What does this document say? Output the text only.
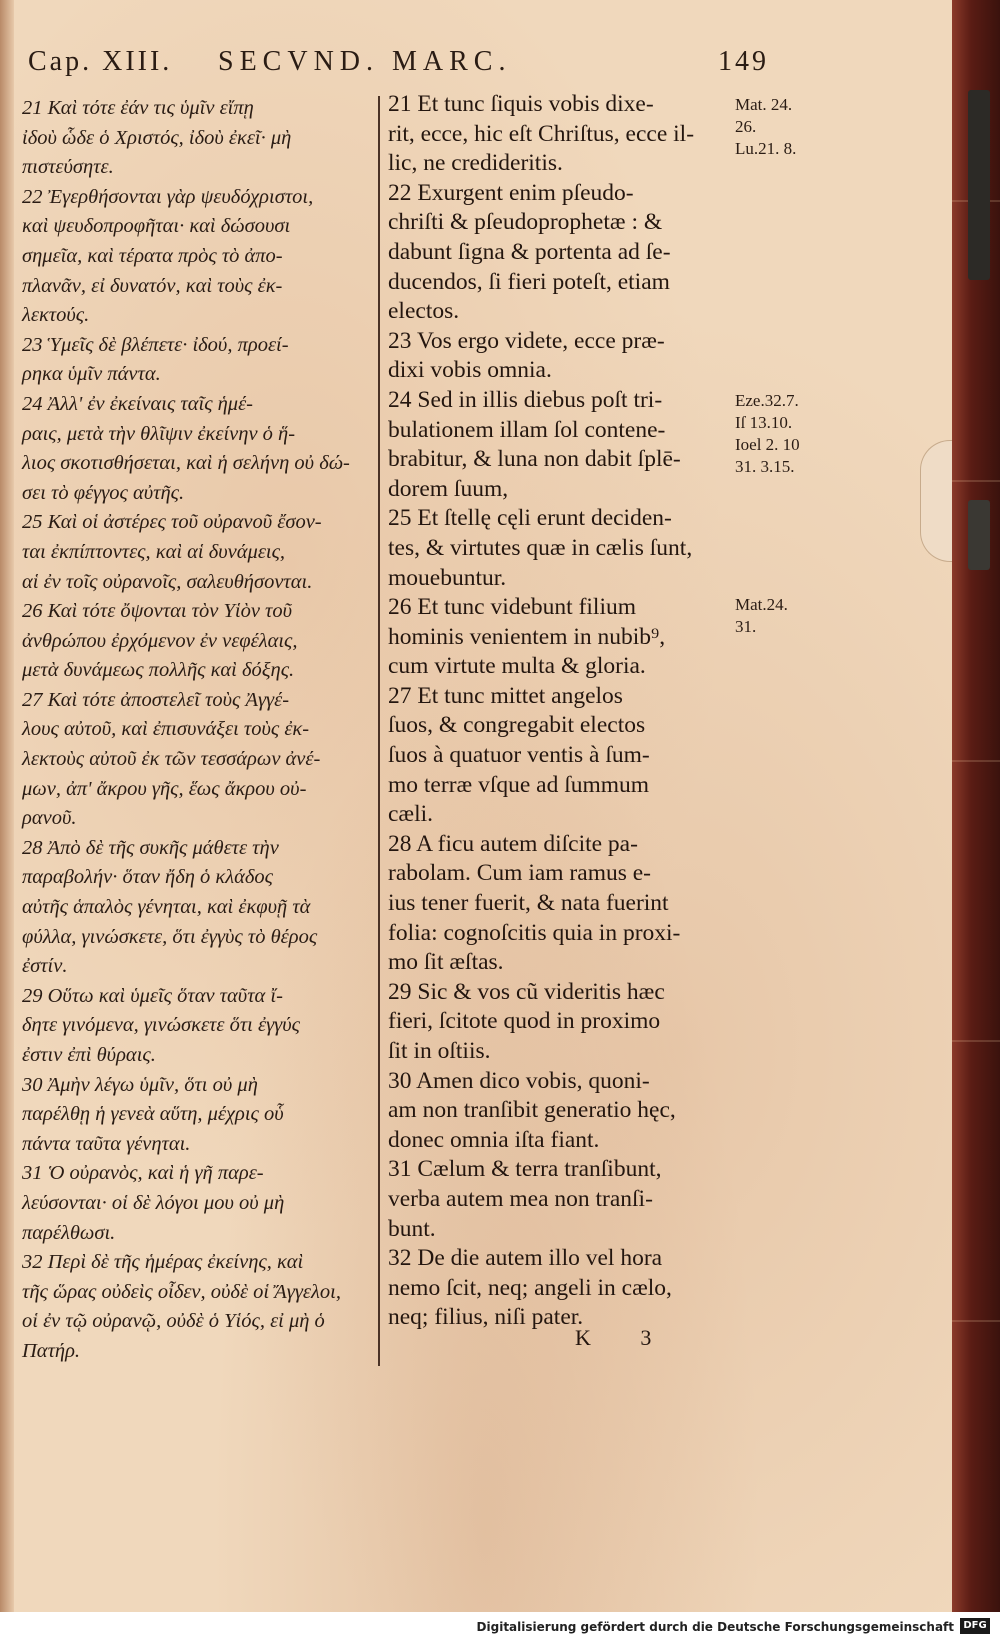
Cap. XIII. SECVND. MARC.	149

21 Καὶ τότε ἐάν τις ὑμῖν εἴπῃ
ἰδοὺ ὧδε ὁ Χριστός, ἰδοὺ ἐκεῖ· μὴ
πιστεύσητε.

22 Ἐγερθήσονται γὰρ ψευδόχριστοι,
καὶ ψευδοπροφῆται· καὶ δώσουσι
σημεῖα, καὶ τέρατα πρὸς τὸ ἀπο-
πλανᾶν, εἰ δυνατόν, καὶ τοὺς ἐκ-
λεκτούς.

23 Ὑμεῖς δὲ βλέπετε· ἰδού, προεί-
ρηκα ὑμῖν πάντα.

24 Ἀλλ' ἐν ἐκείναις ταῖς ἡμέ-
ραις, μετὰ τὴν θλῖψιν ἐκείνην ὁ ἥ-
λιος σκοτισθήσεται, καὶ ἡ σελήνη οὐ δώ-
σει τὸ φέγγος αὐτῆς.

25 Καὶ οἱ ἀστέρες τοῦ οὐρανοῦ ἔσον-
ται ἐκπίπτοντες, καὶ αἱ δυνάμεις,
αἱ ἐν τοῖς οὐρανοῖς, σαλευθήσονται.

26 Καὶ τότε ὄψονται τὸν Υἱὸν τοῦ
ἀνθρώπου ἐρχόμενον ἐν νεφέλαις,
μετὰ δυνάμεως πολλῆς καὶ δόξης.

27 Καὶ τότε ἀποστελεῖ τοὺς Ἀγγέ-
λους αὐτοῦ, καὶ ἐπισυνάξει τοὺς ἐκ-
λεκτοὺς αὐτοῦ ἐκ τῶν τεσσάρων ἀνέ-
μων, ἀπ' ἄκρου γῆς, ἕως ἄκρου οὐ-
ρανοῦ.

28 Ἀπὸ δὲ τῆς συκῆς μάθετε τὴν
παραβολήν· ὅταν ἤδη ὁ κλάδος
αὐτῆς ἁπαλὸς γένηται, καὶ ἐκφυῇ τὰ
φύλλα, γινώσκετε, ὅτι ἐγγὺς τὸ θέρος
ἐστίν.

29 Οὕτω καὶ ὑμεῖς ὅταν ταῦτα ἴ-
δητε γινόμενα, γινώσκετε ὅτι ἐγγύς
ἐστιν ἐπὶ θύραις.

30 Ἀμὴν λέγω ὑμῖν, ὅτι οὐ μὴ
παρέλθῃ ἡ γενεὰ αὕτη, μέχρις οὗ
πάντα ταῦτα γένηται.

31 Ὁ οὐρανὸς, καὶ ἡ γῆ παρε-
λεύσονται· οἱ δὲ λόγοι μου οὐ μὴ
παρέλθωσι.

32 Περὶ δὲ τῆς ἡμέρας ἐκείνης, καὶ
τῆς ὥρας οὐδεὶς οἶδεν, οὐδὲ οἱ Ἄγγελοι,
οἱ ἐν τῷ οὐρανῷ, οὐδὲ ὁ Υἱός, εἰ μὴ ὁ
Πατήρ.

21 Et tunc ſiquis vobis dixe-
rit, ecce, hic eſt Chriſtus, ecce il-
lic, ne credideritis.

22 Exurgent enim pſeudo-
chriſti & pſeudoprophetæ : &
dabunt ſigna & portenta ad ſe-
ducendos, ſi fieri poteſt, etiam
electos.

23 Vos ergo videte, ecce præ-
dixi vobis omnia.

24 Sed in illis diebus poſt tri-
bulationem illam ſol contene-
brabitur, & luna non dabit ſplē-
dorem ſuum,

25 Et ſtellę cęli erunt deciden-
tes, & virtutes quæ in cælis ſunt,
mouebuntur.

26 Et tunc videbunt filium
hominis venientem in nubib⁹,
cum virtute multa & gloria.

27 Et tunc mittet angelos
ſuos, & congregabit electos
ſuos à quatuor ventis à ſum-
mo terræ vſque ad ſummum
cæli.

28 A ficu autem diſcite pa-
rabolam. Cum iam ramus e-
ius tener fuerit, & nata fuerint
folia: cognoſcitis quia in proxi-
mo ſit æſtas.

29 Sic & vos cũ videritis hæc
fieri, ſcitote quod in proximo
ſit in oſtiis.

30 Amen dico vobis, quoni-
am non tranſibit generatio hęc,
donec omnia iſta fiant.

31 Cælum & terra tranſibunt,
verba autem mea non tranſi-
bunt.

32 De die autem illo vel hora
nemo ſcit, neq; angeli in cælo,
neq; filius, niſi pater.

Mat. 24.
26.
Lu.21. 8.
Eze.32.7.
Iſ 13.10.
Ioel 2. 10
31. 3.15.
Mat.24.
31.
K 3
Digitalisierung gefördert durch die Deutsche Forschungsgemeinschaft DFG
